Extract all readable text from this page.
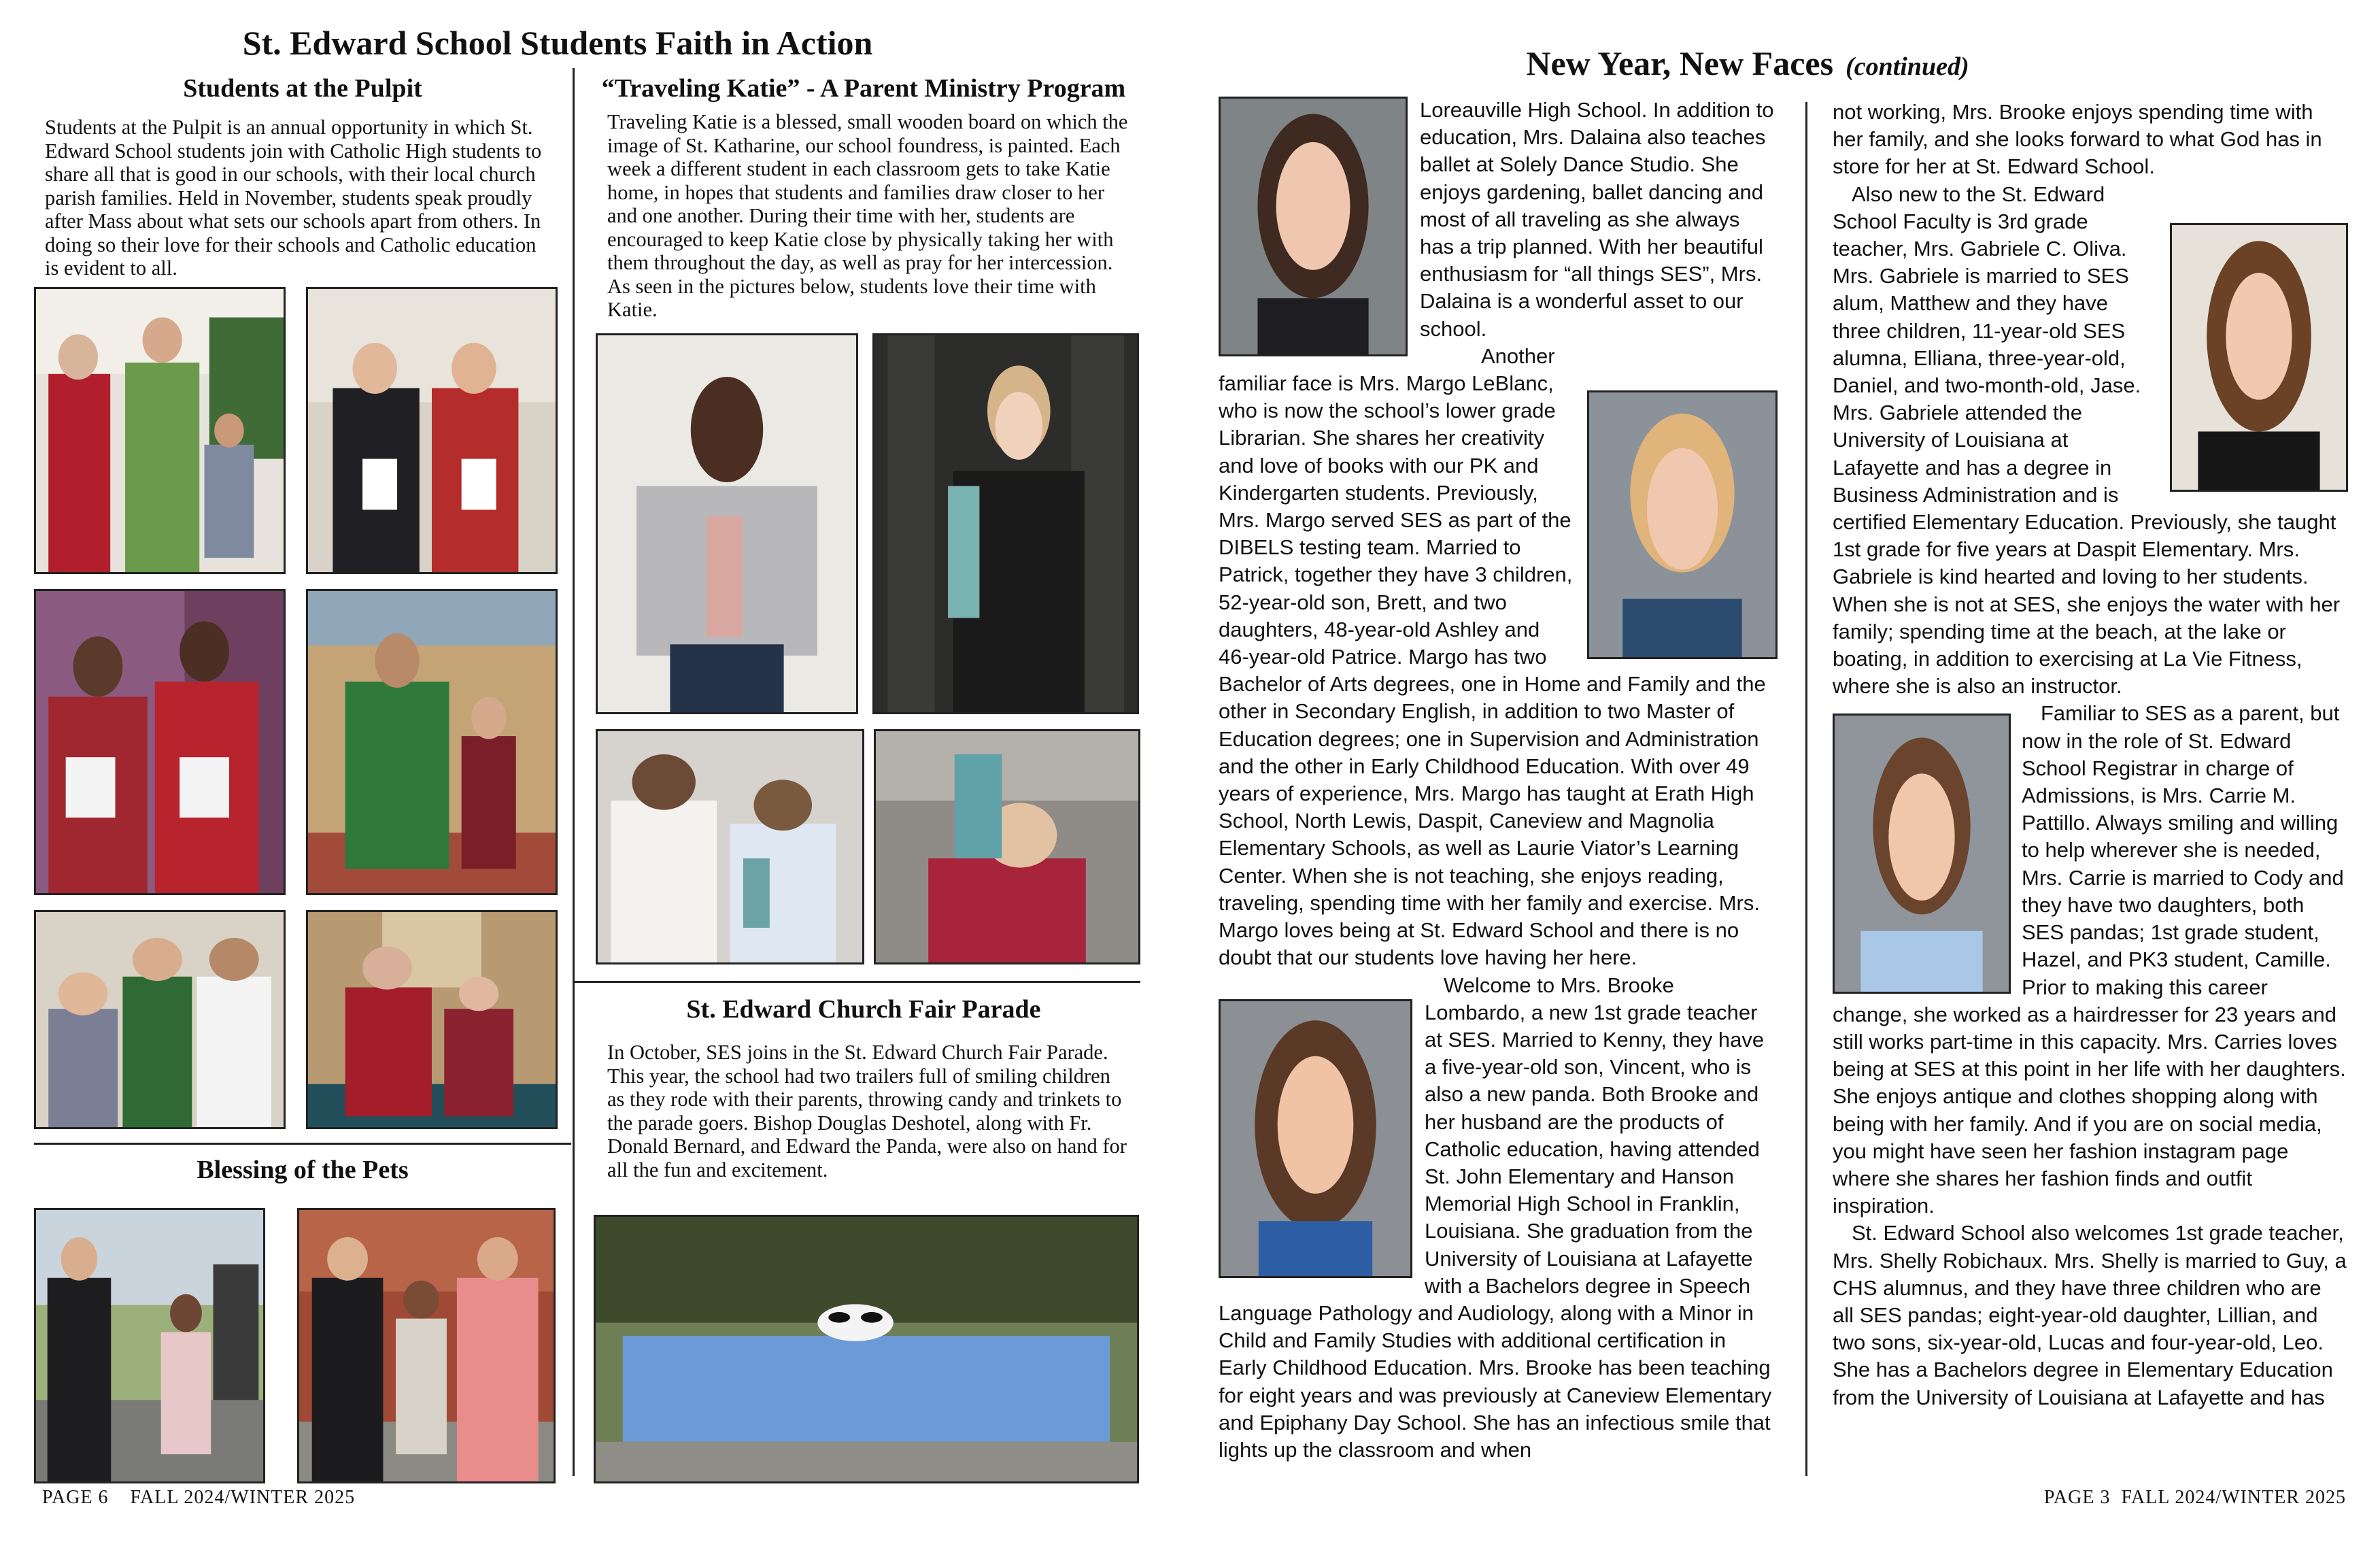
St. Edward School Students Faith in Action
Students at the Pulpit

Students at the Pulpit is an annual opportunity in which St. Edward School students join with Catholic High students to share all that is good in our schools, with their local church parish families. Held in November, students speak proudly after Mass about what sets our schools apart from others. In doing so their love for their schools and Catholic education is evident to all.

Blessing of the Pets
“Traveling Katie” - A Parent Ministry Program

Traveling Katie is a blessed, small wooden board on which the image of St. Katharine, our school foundress, is painted. Each week a different student in each classroom gets to take Katie home, in hopes that students and families draw closer to her and one another. During their time with her, students are encouraged to keep Katie close by physically taking her with them throughout the day, as well as pray for her intercession. As seen in the pictures below, students love their time with Katie.

St. Edward Church Fair Parade

In October, SES joins in the St. Edward Church Fair Parade. This year, the school had two trailers full of smiling children as they rode with their parents, throwing candy and trinkets to the parade goers. Bishop Douglas Deshotel, along with Fr. Donald Bernard, and Edward the Panda, were also on hand for all the fun and excitement.

PAGE 6    FALL 2024/WINTER 2025
New Year, New Faces (continued)

Loreauville High School. In addition to education, Mrs. Dalaina also teaches ballet at Solely Dance Studio. She enjoys gardening, ballet dancing and most of all traveling as she always has a trip planned. With her beautiful enthusiasm for “all things SES”, Mrs. Dalaina is a wonderful asset to our school.

Another familiar face is Mrs. Margo LeBlanc, who is now the school’s lower grade Librarian. She shares her creativity and love of books with our PK and Kindergarten students. Previously, Mrs. Margo served SES as part of the DIBELS testing team. Married to Patrick, together they have 3 children, 52-year-old son, Brett, and two daughters, 48-year-old Ashley and 46-year-old Patrice. Margo has two Bachelor of Arts degrees, one in Home and Family and the other in Secondary English, in addition to two Master of Education degrees; one in Supervision and Administration and the other in Early Childhood Education. With over 49 years of experience, Mrs. Margo has taught at Erath High School, North Lewis, Daspit, Caneview and Magnolia Elementary Schools, as well as Laurie Viator’s Learning Center. When she is not teaching, she enjoys reading, traveling, spending time with her family and exercise. Mrs. Margo loves being at St. Edward School and there is no doubt that our students love having her here.

Welcome to Mrs. Brooke Lombardo, a new 1st grade teacher at SES. Married to Kenny, they have a five-year-old son, Vincent, who is also a new panda. Both Brooke and her husband are the products of Catholic education, having attended St. John Elementary and Hanson Memorial High School in Franklin, Louisiana. She graduation from the University of Louisiana at Lafayette with a Bachelors degree in Speech Language Pathology and Audiology, along with a Minor in Child and Family Studies with additional certification in Early Childhood Education. Mrs. Brooke has been teaching for eight years and was previously at Caneview Elementary and Epiphany Day School. She has an infectious smile that lights up the classroom and when

not working, Mrs. Brooke enjoys spending time with her family, and she looks forward to what God has in store for her at St. Edward School.

Also new to the St. Edward School Faculty is 3rd grade teacher, Mrs. Gabriele C. Oliva. Mrs. Gabriele is married to SES alum, Matthew and they have three children, 11-year-old SES alumna, Elliana, three-year-old, Daniel, and two-month-old, Jase. Mrs. Gabriele attended the University of Louisiana at Lafayette and has a degree in Business Administration and is certified Elementary Education. Previously, she taught 1st grade for five years at Daspit Elementary. Mrs. Gabriele is kind hearted and loving to her students. When she is not at SES, she enjoys the water with her family; spending time at the beach, at the lake or boating, in addition to exercising at La Vie Fitness, where she is also an instructor.

Familiar to SES as a parent, but now in the role of St. Edward School Registrar in charge of Admissions, is Mrs. Carrie M. Pattillo. Always smiling and willing to help wherever she is needed, Mrs. Carrie is married to Cody and they have two daughters, both SES pandas; 1st grade student, Hazel, and PK3 student, Camille. Prior to making this career change, she worked as a hairdresser for 23 years and still works part-time in this capacity. Mrs. Carries loves being at SES at this point in her life with her daughters. She enjoys antique and clothes shopping along with being with her family. And if you are on social media, you might have seen her fashion instagram page where she shares her fashion finds and outfit inspiration.

St. Edward School also welcomes 1st grade teacher, Mrs. Shelly Robichaux. Mrs. Shelly is married to Guy, a CHS alumnus, and they have three children who are all SES pandas; eight-year-old daughter, Lillian, and two sons, six-year-old, Lucas and four-year-old, Leo. She has a Bachelors degree in Elementary Education from the University of Louisiana at Lafayette and has

PAGE 3  FALL 2024/WINTER 2025
